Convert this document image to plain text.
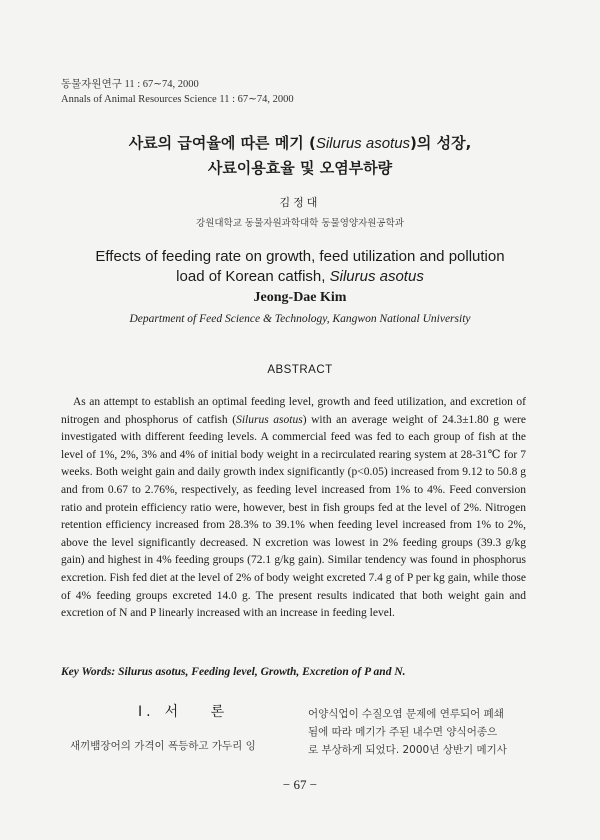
동물자원연구 11 : 67∼74, 2000
Annals of Animal Resources Science 11 : 67∼74, 2000
사료의 급여율에 따른 메기 (Silurus asotus)의 성장,
사료이용효율 및 오염부하량
김정대
강원대학교 동물자원과학대학 동물영양자원공학과
Effects of feeding rate on growth, feed utilization and pollution
load of Korean catfish, Silurus asotus
Jeong-Dae Kim
Department of Feed Science & Technology, Kangwon National University
ABSTRACT

As an attempt to establish an optimal feeding level, growth and feed utilization, and excretion of nitrogen and phosphorus of catfish (Silurus asotus) with an average weight of 24.3±1.80 g were investigated with different feeding levels. A commercial feed was fed to each group of fish at the level of 1%, 2%, 3% and 4% of initial body weight in a recirculated rearing system at 28-31℃ for 7 weeks. Both weight gain and daily growth index significantly (p<0.05) increased from 9.12 to 50.8 g and from 0.67 to 2.76%, respectively, as feeding level increased from 1% to 4%. Feed conversion ratio and protein efficiency ratio were, however, best in fish groups fed at the level of 2%. Nitrogen retention efficiency increased from 28.3% to 39.1% when feeding level increased from 1% to 2%, above the level significantly decreased. N excretion was lowest in 2% feeding groups (39.3 g/kg gain) and highest in 4% feeding groups (72.1 g/kg gain). Similar tendency was found in phosphorus excretion. Fish fed diet at the level of 2% of body weight excreted 7.4 g of P per kg gain, while those of 4% feeding groups excreted 14.0 g. The present results indicated that both weight gain and excretion of N and P linearly increased with an increase in feeding level.

Key Words: Silurus asotus, Feeding level, Growth, Excretion of P and N.
Ⅰ. 서 론
새끼뱀장어의 가격이 폭등하고 가두리 잉
어양식업이 수질오염 문제에 연루되어 폐쇄
됨에 따라 메기가 주된 내수면 양식어종으
로 부상하게 되었다. 2000년 상반기 메기사
− 67 −
